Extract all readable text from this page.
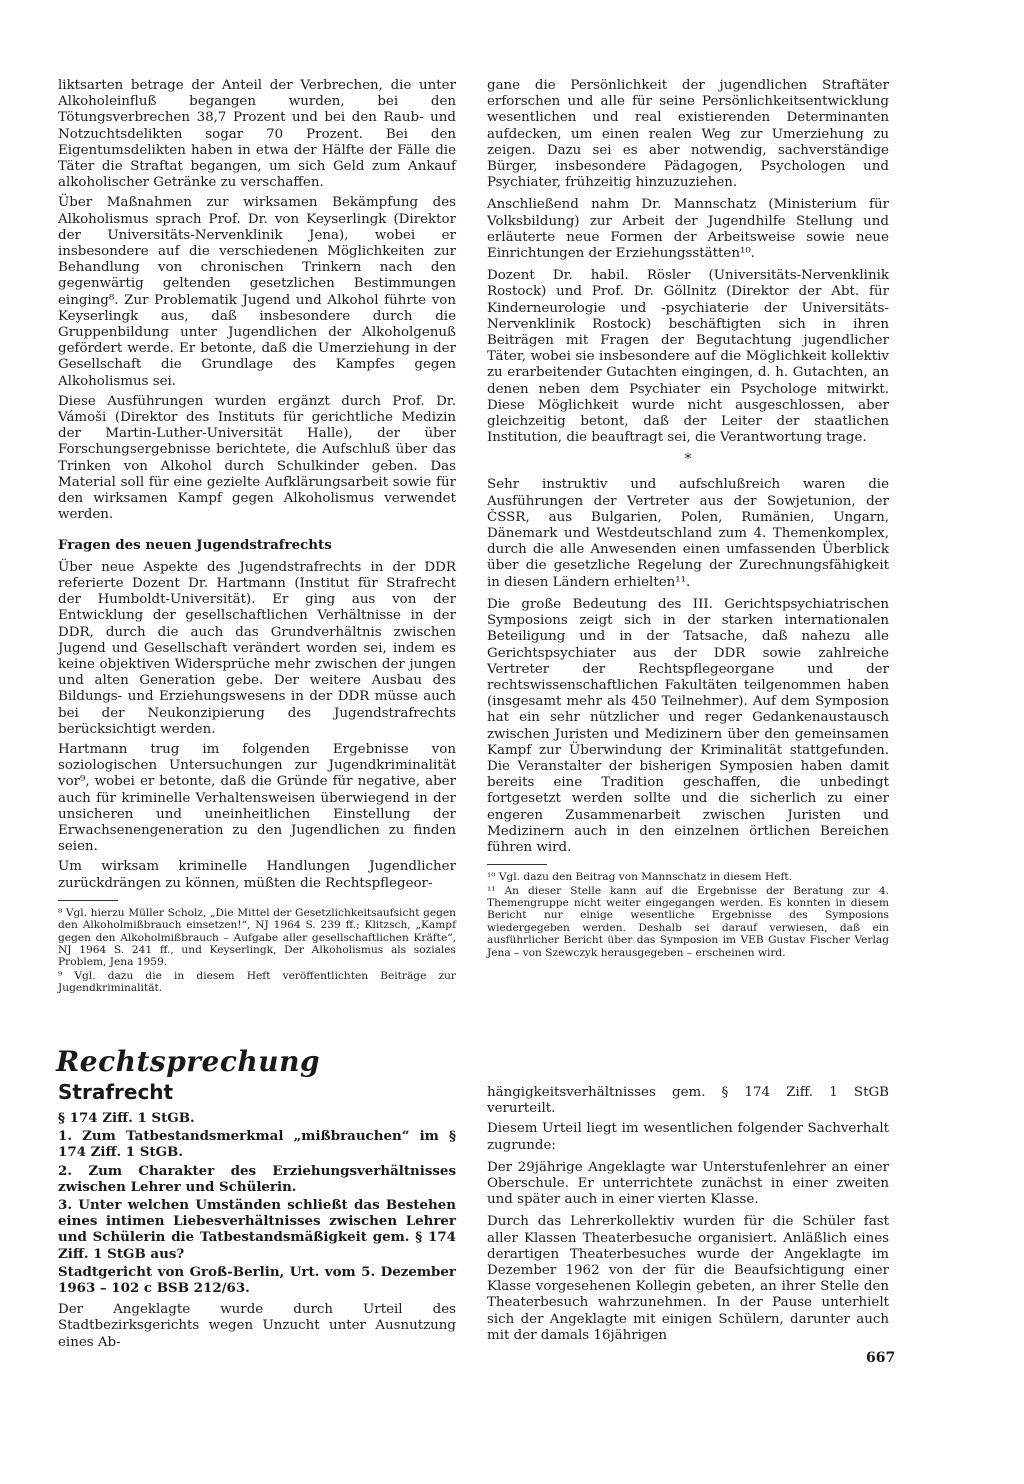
liktsarten betrage der Anteil der Verbrechen, die unter Alkoholeinfluß begangen wurden, bei den Tötungsverbrechen 38,7 Prozent und bei den Raub- und Notzuchtsdelikten sogar 70 Prozent. Bei den Eigentumsdelikten haben in etwa der Hälfte der Fälle die Täter die Straftat begangen, um sich Geld zum Ankauf alkoholischer Getränke zu verschaffen.

Über Maßnahmen zur wirksamen Bekämpfung des Alkoholismus sprach Prof. Dr. von Keyserlingk (Direktor der Universitäts-Nervenklinik Jena), wobei er insbesondere auf die verschiedenen Möglichkeiten zur Behandlung von chronischen Trinkern nach den gegenwärtig geltenden gesetzlichen Bestimmungen einging⁸. Zur Problematik Jugend und Alkohol führte von Keyserlingk aus, daß insbesondere durch die Gruppenbildung unter Jugendlichen der Alkoholgenuß gefördert werde. Er betonte, daß die Umerziehung in der Gesellschaft die Grundlage des Kampfes gegen Alkoholismus sei.

Diese Ausführungen wurden ergänzt durch Prof. Dr. Vámoši (Direktor des Instituts für gerichtliche Medizin der Martin-Luther-Universität Halle), der über Forschungsergebnisse berichtete, die Aufschluß über das Trinken von Alkohol durch Schulkinder geben. Das Material soll für eine gezielte Aufklärungsarbeit sowie für den wirksamen Kampf gegen Alkoholismus verwendet werden.

Fragen des neuen Jugendstrafrechts

Über neue Aspekte des Jugendstrafrechts in der DDR referierte Dozent Dr. Hartmann (Institut für Strafrecht der Humboldt-Universität). Er ging aus von der Entwicklung der gesellschaftlichen Verhältnisse in der DDR, durch die auch das Grundverhältnis zwischen Jugend und Gesellschaft verändert worden sei, indem es keine objektiven Widersprüche mehr zwischen der jungen und alten Generation gebe. Der weitere Ausbau des Bildungs- und Erziehungswesens in der DDR müsse auch bei der Neukonzipierung des Jugendstrafrechts berücksichtigt werden.

Hartmann trug im folgenden Ergebnisse von soziologischen Untersuchungen zur Jugendkriminalität vor⁹, wobei er betonte, daß die Gründe für negative, aber auch für kriminelle Verhaltensweisen überwiegend in der unsicheren und uneinheitlichen Einstellung der Erwachsenengeneration zu den Jugendlichen zu finden seien.

Um wirksam kriminelle Handlungen Jugendlicher zurückdrängen zu können, müßten die Rechtspflegeor-

⁸ Vgl. hierzu Müller Scholz, „Die Mittel der Gesetzlichkeitsaufsicht gegen den Alkoholmißbrauch einsetzen!“, NJ 1964 S. 239 ff.; Klitzsch, „Kampf gegen den Alkoholmißbrauch – Aufgabe aller gesellschaftlichen Kräfte“, NJ 1964 S. 241 ff., und Keyserlingk, Der Alkoholismus als soziales Problem, Jena 1959.

⁹ Vgl. dazu die in diesem Heft veröffentlichten Beiträge zur Jugendkriminalität.

gane die Persönlichkeit der jugendlichen Straftäter erforschen und alle für seine Persönlichkeitsentwicklung wesentlichen und real existierenden Determinanten aufdecken, um einen realen Weg zur Umerziehung zu zeigen. Dazu sei es aber notwendig, sachverständige Bürger, insbesondere Pädagogen, Psychologen und Psychiater, frühzeitig hinzuzuziehen.

Anschließend nahm Dr. Mannschatz (Ministerium für Volksbildung) zur Arbeit der Jugendhilfe Stellung und erläuterte neue Formen der Arbeitsweise sowie neue Einrichtungen der Erziehungsstätten¹⁰.

Dozent Dr. habil. Rösler (Universitäts-Nervenklinik Rostock) und Prof. Dr. Göllnitz (Direktor der Abt. für Kinderneurologie und -psychiaterie der Universitäts-Nervenklinik Rostock) beschäftigten sich in ihren Beiträgen mit Fragen der Begutachtung jugendlicher Täter, wobei sie insbesondere auf die Möglichkeit kollektiv zu erarbeitender Gutachten eingingen, d. h. Gutachten, an denen neben dem Psychiater ein Psychologe mitwirkt. Diese Möglichkeit wurde nicht ausgeschlossen, aber gleichzeitig betont, daß der Leiter der staatlichen Institution, die beauftragt sei, die Verantwortung trage.

*

Sehr instruktiv und aufschlußreich waren die Ausführungen der Vertreter aus der Sowjetunion, der ČSSR, aus Bulgarien, Polen, Rumänien, Ungarn, Dänemark und Westdeutschland zum 4. Themenkomplex, durch die alle Anwesenden einen umfassenden Überblick über die gesetzliche Regelung der Zurechnungsfähigkeit in diesen Ländern erhielten¹¹.

Die große Bedeutung des III. Gerichtspsychiatrischen Symposions zeigt sich in der starken internationalen Beteiligung und in der Tatsache, daß nahezu alle Gerichtspsychiater aus der DDR sowie zahlreiche Vertreter der Rechtspflegeorgane und der rechtswissenschaftlichen Fakultäten teilgenommen haben (insgesamt mehr als 450 Teilnehmer). Auf dem Symposion hat ein sehr nützlicher und reger Gedankenaustausch zwischen Juristen und Medizinern über den gemeinsamen Kampf zur Überwindung der Kriminalität stattgefunden. Die Veranstalter der bisherigen Symposien haben damit bereits eine Tradition geschaffen, die unbedingt fortgesetzt werden sollte und die sicherlich zu einer engeren Zusammenarbeit zwischen Juristen und Medizinern auch in den einzelnen örtlichen Bereichen führen wird.

¹⁰ Vgl. dazu den Beitrag von Mannschatz in diesem Heft.

¹¹ An dieser Stelle kann auf die Ergebnisse der Beratung zur 4. Themengruppe nicht weiter eingegangen werden. Es konnten in diesem Bericht nur einige wesentliche Ergebnisse des Symposions wiedergegeben werden. Deshalb sei darauf verwiesen, daß ein ausführlicher Bericht über das Symposion im VEB Gustav Fischer Verlag Jena – von Szewczyk herausgegeben – erscheinen wird.

Rechtsprechung
Strafrecht

§ 174 Ziff. 1 StGB.

1. Zum Tatbestandsmerkmal „mißbrauchen“ im § 174 Ziff. 1 StGB.

2. Zum Charakter des Erziehungsverhältnisses zwischen Lehrer und Schülerin.

3. Unter welchen Umständen schließt das Bestehen eines intimen Liebesverhältnisses zwischen Lehrer und Schülerin die Tatbestandsmäßigkeit gem. § 174 Ziff. 1 StGB aus?

Stadtgericht von Groß-Berlin, Urt. vom 5. Dezember 1963 – 102 c BSB 212/63.

Der Angeklagte wurde durch Urteil des Stadtbezirksgerichts wegen Unzucht unter Ausnutzung eines Ab-

hängigkeitsverhältnisses gem. § 174 Ziff. 1 StGB verurteilt.

Diesem Urteil liegt im wesentlichen folgender Sachverhalt zugrunde:

Der 29jährige Angeklagte war Unterstufenlehrer an einer Oberschule. Er unterrichtete zunächst in einer zweiten und später auch in einer vierten Klasse.

Durch das Lehrerkollektiv wurden für die Schüler fast aller Klassen Theaterbesuche organisiert. Anläßlich eines derartigen Theaterbesuches wurde der Angeklagte im Dezember 1962 von der für die Beaufsichtigung einer Klasse vorgesehenen Kollegin gebeten, an ihrer Stelle den Theaterbesuch wahrzunehmen. In der Pause unterhielt sich der Angeklagte mit einigen Schülern, darunter auch mit der damals 16jährigen

667
